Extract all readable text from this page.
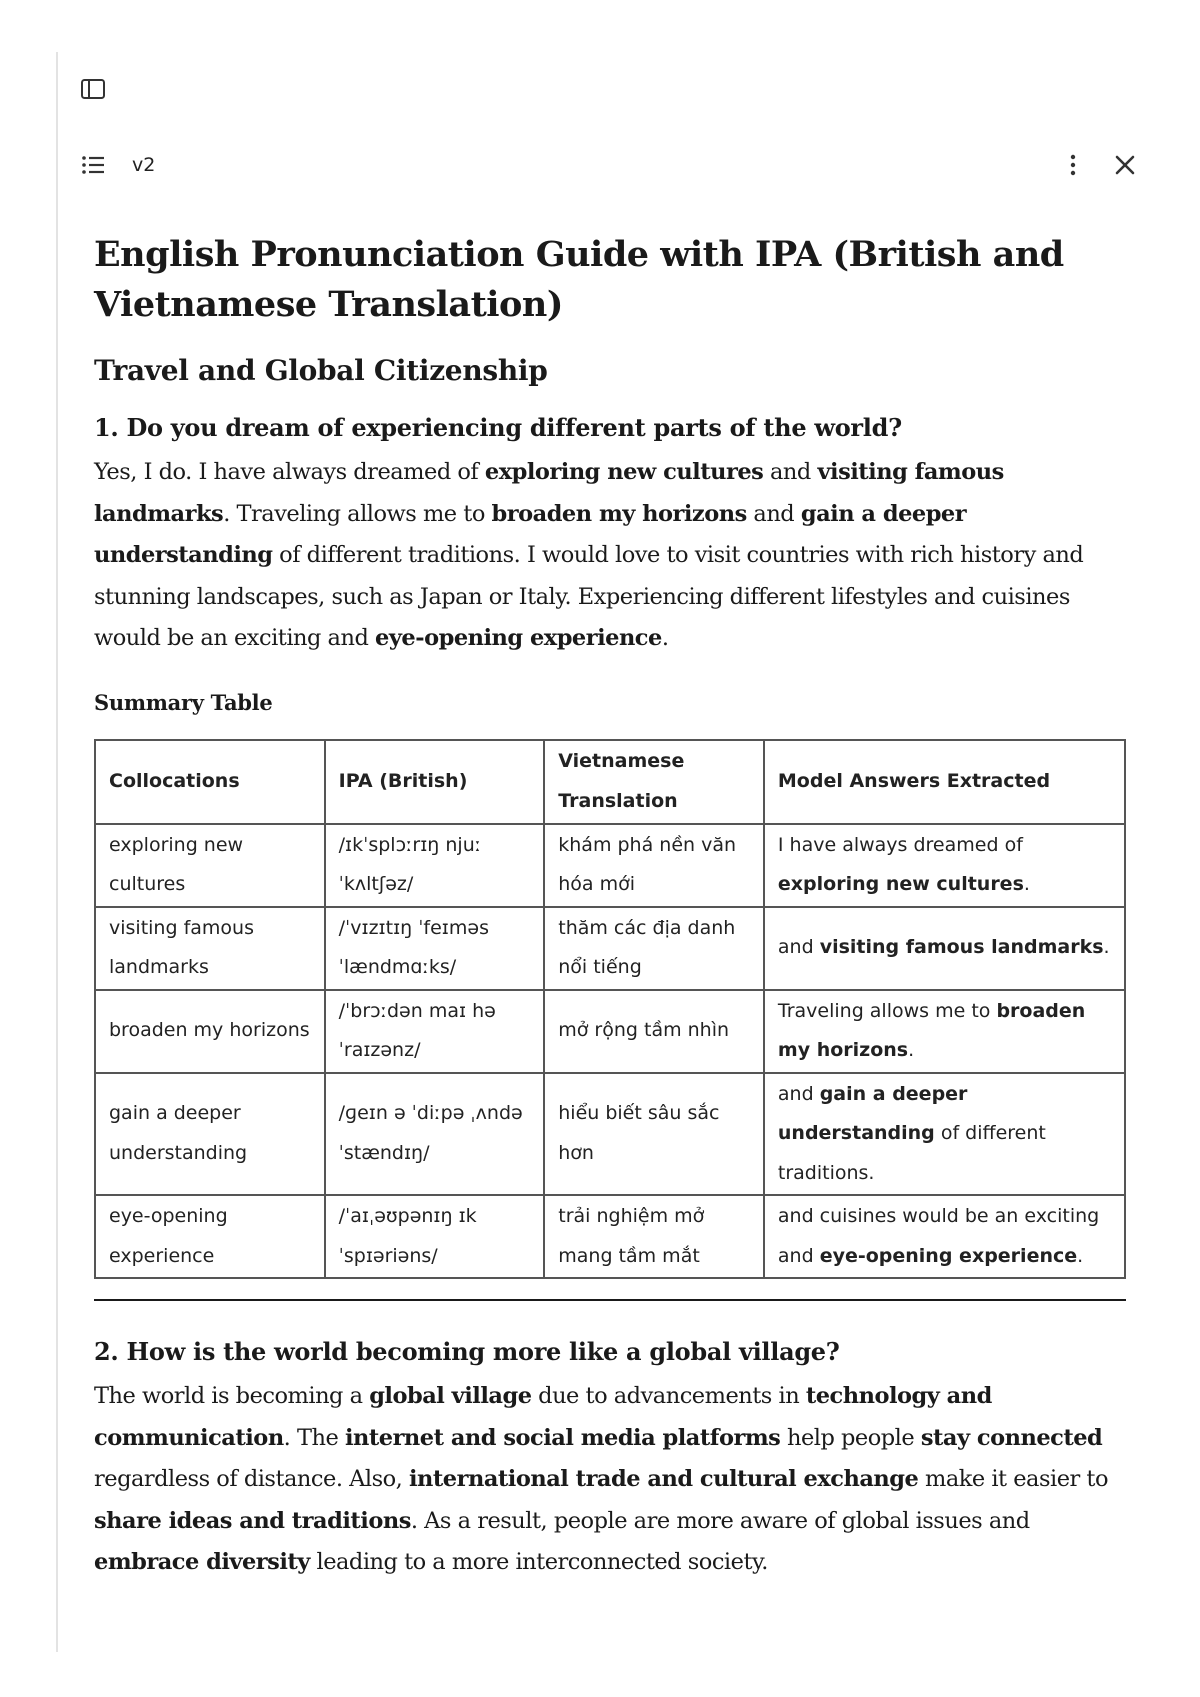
v2
English Pronunciation Guide with IPA (British and Vietnamese Translation)
Travel and Global Citizenship
1. Do you dream of experiencing different parts of the world?

Yes, I do. I have always dreamed of exploring new cultures and visiting famous landmarks. Traveling allows me to broaden my horizons and gain a deeper understanding of different traditions. I would love to visit countries with rich history and stunning landscapes, such as Japan or Italy. Experiencing different lifestyles and cuisines would be an exciting and eye-opening experience.

Summary Table
Collocations	IPA (British)	Vietnamese Translation	Model Answers Extracted
exploring new cultures	/ɪkˈsplɔːrɪŋ njuː ˈkʌltʃəz/	khám phá nền văn hóa mới	I have always dreamed of exploring new cultures.
visiting famous landmarks	/ˈvɪzɪtɪŋ ˈfeɪməs ˈlændmɑːks/	thăm các địa danh nổi tiếng	and visiting famous landmarks.
broaden my horizons	/ˈbrɔːdən maɪ həˈraɪzənz/	mở rộng tầm nhìn	Traveling allows me to broaden my horizons.
gain a deeper understanding	/ɡeɪn ə ˈdiːpə ˌʌndəˈstændɪŋ/	hiểu biết sâu sắc hơn	and gain a deeper understanding of different traditions.
eye-opening experience	/ˈaɪˌəʊpənɪŋ ɪkˈspɪəriəns/	trải nghiệm mở mang tầm mắt	and cuisines would be an exciting and eye-opening experience.
2. How is the world becoming more like a global village?

The world is becoming a global village due to advancements in technology and communication. The internet and social media platforms help people stay connected regardless of distance. Also, international trade and cultural exchange make it easier to share ideas and traditions. As a result, people are more aware of global issues and embrace diversity leading to a more interconnected society.
